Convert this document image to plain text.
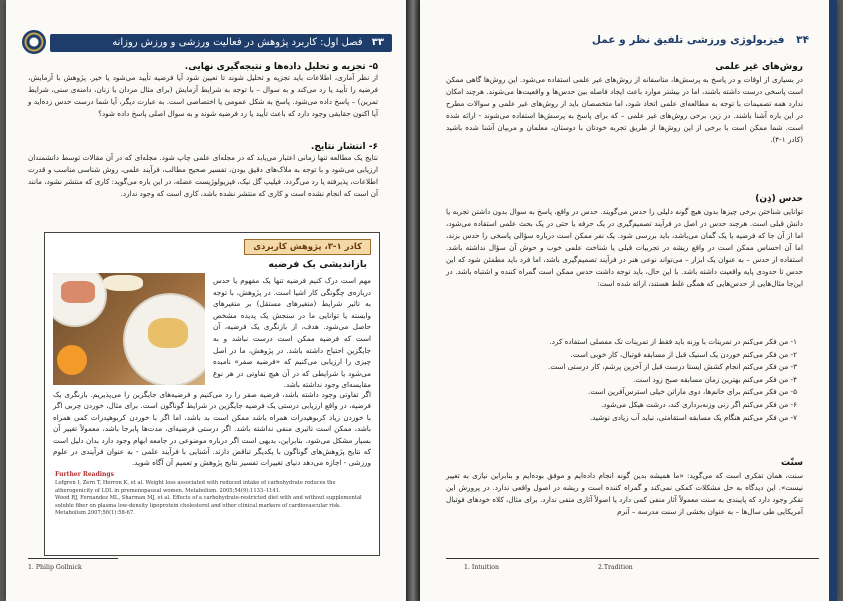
۳۳ فصل اول: کاربرد پژوهش در فعالیت ورزشی و ورزش روزانه
۵- تجزیه و تحلیل داده‌ها و نتیجه‌گیری نهایی.
از نظر آماری، اطلاعات باید تجزیه و تحلیل شوند تا تعیین شود آیا فرضیه تأیید می‌شود یا خیر. پژوهش با آزمایش، فرضیه را تأیید یا رد می‌کند و به سوال – با توجه به شرایط آزمایش (برای مثال مردان یا زنان، دامنه‌ی سنی، شرایط تمرین) – پاسخ داده می‌شود. پاسخ به شکل عمومی یا اختصاصی است. به عبارت دیگر، آیا شما درست حدس زده‌اید و آیا اکنون حقایقی وجود دارد که باعث تأیید یا رد فرضیه شوند و به سوال اصلی پاسخ داده شود؟
۶- انتشار نتایج.
نتایج یک مطالعه تنها زمانی اعتبار می‌یابد که در مجله‌ای علمی چاپ شود. مجله‌ای که در آن مقالات توسط دانشمندان ارزیابی می‌شود و با توجه به ملاک‌های دقیق بودن، تفسیر صحیح مطالب، فرآیند علمی، روش شناسی مناسب و قدرت اطلاعات، پذیرفته یا رد می‌گردد. فیلیپ گل نیک، فیزیولوژیست عضله، در این باره می‌گوید: کاری که منتشر نشود، مانند آن است که انجام نشده است و کاری که منتشر نشده باشد، کاری است که وجود ندارد.
کادر ۱-۳، پژوهش کاربردی
بازاندیشی یک فرضیه
مهم است درک کنیم فرضیه تنها یک مفهوم یا حدس درباره‌ی چگونگی کار اشیا است. در پژوهش، با توجه به تاثیر شرایط (متغیرهای مستقل) بر متغیرهای وابسته یا توانایی ما در سنجش یک پدیده مشخص حاصل می‌شود. هدف، از بازنگری یک فرضیه، آن است که فرضیه ممکن است درست نباشد و به جایگزین احتیاج داشته باشد. در پژوهش، ما در اصل چیزی را ارزیابی می‌کنیم که «فرضیه صفر» نامیده می‌شود یا شرایطی که در آن هیچ تفاوتی در هر نوع مقایسه‌ای وجود نداشته باشد.
اگر تفاوتی وجود داشته باشد، فرضیه صفر را رد می‌کنیم و فرضیه‌های جایگزین را می‌پذیریم. بازنگری یک فرضیه، در واقع ارزیابی درستی یک فرضیه جایگزین در شرایط گوناگون است. برای مثال، خوردن چربی اگر با خوردن زیاد کربوهیدرات همراه باشد ممکن است بد باشد، اما اگر با خوردن کربوهیدرات کمی همراه باشد، ممکن است تاثیری منفی نداشته باشد. اگر درستی فرضیه‌ای، مدت‌ها پابرجا باشد، معمولاً تغییر آن بسیار مشکل می‌شود. بنابراین، بدیهی است اگر درباره موضوعی در جامعه ابهام وجود دارد بدان دلیل است که نتایج پژوهش‌های گوناگون با یکدیگر تناقض دارند. آشنایی با فرآیند علمی - به عنوان فرآیندی در علوم ورزشی - اجازه می‌دهد دنیای تغییرات تفسیر نتایج پژوهش و تعمیم آن آگاه شوید.
Further Readings
Lofgren I, Zern T, Herron K, et al. Weight loss associated with reduced intake of carbohydrate reduces the atherogenicity of LDL in premenopausal women. Metabolism. 2005;54(9):1133–1141.
Wood RJ, Fernandez ML, Sharman MJ, et al. Effects of a carbohydrate-restricted diet with and without supplemental soluble fiber on plasma low-density lipoprotein cholesterol and other clinical markers of cardiovascular risk. Metabolism 2007;56(1):58-67.
1. Philip Gollnick
۳۴ فیزیولوژی ورزشی تلفیق نظر و عمل
روش‌های غیر علمی
در بسیاری از اوقات و در پاسخ به پرسش‌ها، متاسفانه از روش‌های غیر علمی استفاده می‌شود. این روش‌ها گاهی ممکن است پاسخی درست داشته باشند، اما در بیشتر موارد باعث ایجاد فاصله بین حدس‌ها و واقعیت‌ها می‌شوند. هرچند امکان ندارد همه تصمیمات با توجه به مطالعه‌ای علمی اتخاذ شود، اما متخصصان باید از روش‌های غیر علمی و سوالات مطرح در این باره آشنا باشند. در زیر، برخی روش‌های غیر علمی – که برای پاسخ به پرسش‌ها استفاده می‌شوند - ارائه شده است. شما ممکن است با برخی از این روش‌ها از طریق تجربه خودتان با دوستان، معلمان و مربیان آشنا شده باشید (کادر ۱-۴).
حدس (ذِن)
توانایی شناختن برخی چیزها بدون هیچ گونه دلیلی را حدس می‌گویند. حدس در واقع، پاسخ به سوال بدون داشتن تجربه یا دانش قبلی است. هرچند حدس در اصل در فرآیند تصمیم‌گیری در یک حرفه یا حتی در یک بحث علمی استفاده می‌شود، اما از آن جا که فرضیه یا یک گمان می‌باشد، باید بررسی شود. یک نفر ممکن است درباره سؤالی پاسخی را حدس بزند، اما آن احساس ممکن است در واقع ریشه در تجربیات قبلی یا شناخت علمی خوب و حوش آن سؤال نداشته باشد. استفاده از حدس – به عنوان یک ابزار – می‌تواند نوعی هنر در فرآیند تصمیم‌گیری باشد، اما فرد باید مطمئن شود که این حدس تا حدودی پایه واقعیت داشته باشد. با این حال، باید توجه داشت حدس ممکن است گمراه کننده و اشتباه باشد. در این‌جا مثال‌هایی از حدس‌هایی که همگی غلط هستند، ارائه شده است:
۱- من فکر می‌کنم در تمرینات با وزنه باید فقط از تمرینات تک مفصلی استفاده کرد.
۲- من فکر می‌کنم خوردن یک اسنیک قبل از مسابقه فوتبال، کار خوبی است.
۳- من فکر می‌کنم انجام کشش ایستا درست قبل از آخرین پرشم، کار درستی است.
۴- من فکر می‌کنم بهترین زمان مسابقه صبح زود است.
۵- من فکر می‌کنم برای خانم‌ها، دوی ماراتن خیلی استرس‌آفرین است.
۶- من فکر می‌کنم اگر زنی وزنه‌برداری کند، درشت هیکل می‌شود.
۷- من فکر می‌کنم هنگام یک مسابقه استقامتی، نباید آب زیادی نوشید.
سنّت
سنت، همان تفکری است که می‌گوید: «ما همیشه بدین گونه انجام داده‌ایم و موفق بوده‌ایم و بنابراین نیازی به تغییر نیست». این دیدگاه به حل مشکلات کمکی نمی‌کند و گمراه کننده است و ریشه در اصول واقعی ندارد. در پرورش این تفکر وجود دارد که پایبندی به سنت معمولاً آثار منفی کمی دارد یا اصولاً آثاری منفی ندارد. برای مثال، کلاه خودهای فوتبال آمریکایی طی سال‌ها – به عنوان بخشی از سنت مدرسه – آنرم
1. Intuition	2.Tradition
